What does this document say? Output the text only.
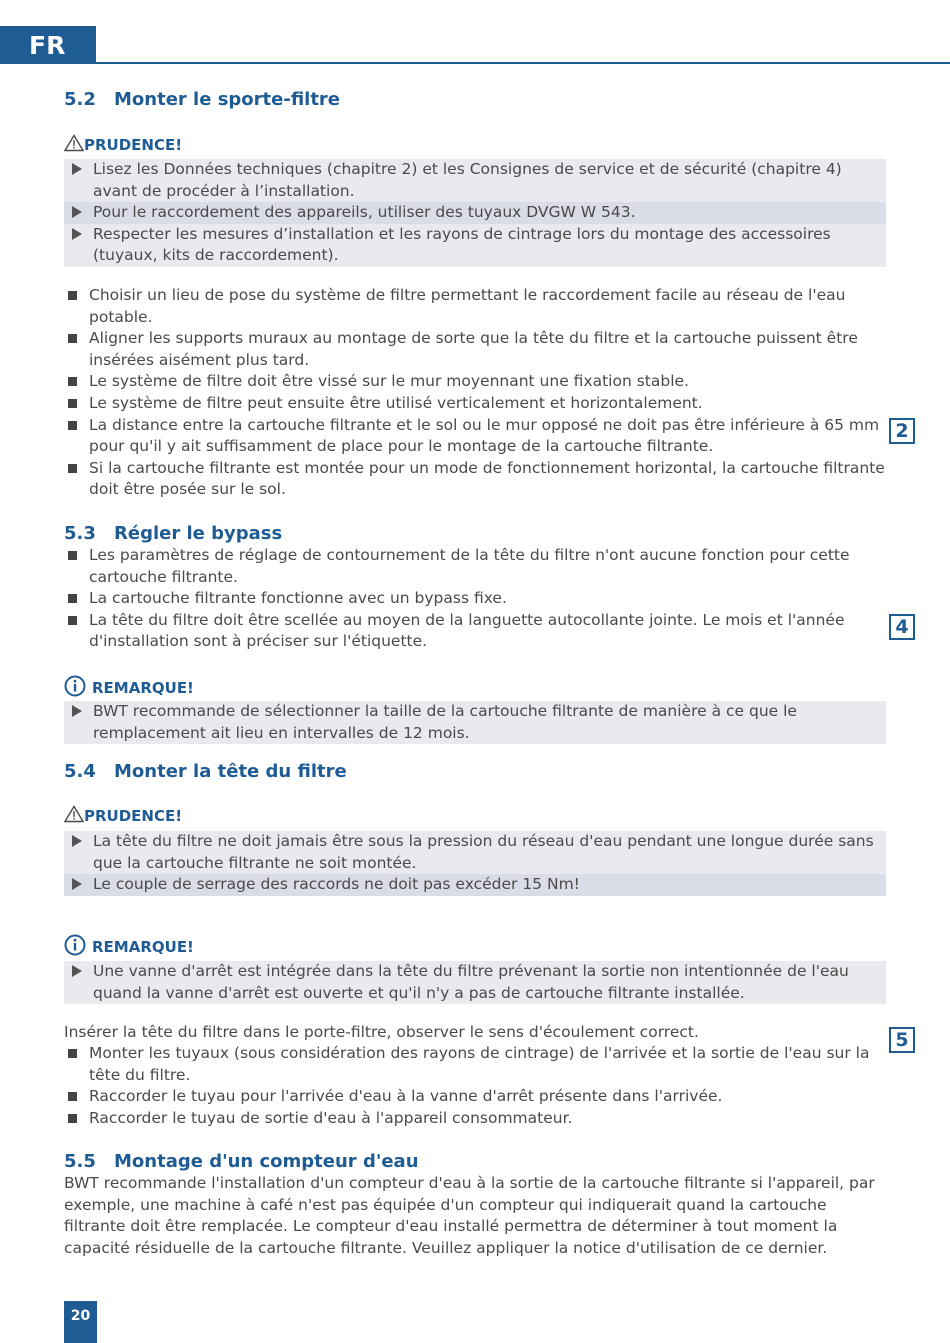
FR
5.2 Monter le sporte-filtre
PRUDENCE!
Lisez les Données techniques (chapitre 2) et les Consignes de service et de sécurité (chapitre 4) avant de procéder à l’installation.
Pour le raccordement des appareils, utiliser des tuyaux DVGW W 543.
Respecter les mesures d’installation et les rayons de cintrage lors du montage des accessoires (tuyaux, kits de raccordement).
Choisir un lieu de pose du système de filtre permettant le raccordement facile au réseau de l'eau potable.
Aligner les supports muraux au montage de sorte que la tête du filtre et la cartouche puissent être insérées aisément plus tard.
Le système de filtre doit être vissé sur le mur moyennant une fixation stable.
Le système de filtre peut ensuite être utilisé verticalement et horizontalement.
La distance entre la cartouche filtrante et le sol ou le mur opposé ne doit pas être inférieure à 65 mm pour qu'il y ait suffisamment de place pour le montage de la cartouche filtrante.
Si la cartouche filtrante est montée pour un mode de fonctionnement horizontal, la cartouche filtrante doit être posée sur le sol.
2
5.3 Régler le bypass
Les paramètres de réglage de contournement de la tête du filtre n'ont aucune fonction pour cette cartouche filtrante.
La cartouche filtrante fonctionne avec un bypass fixe.
La tête du filtre doit être scellée au moyen de la languette autocollante jointe. Le mois et l'année d'installation sont à préciser sur l'étiquette.
4
REMARQUE!
BWT recommande de sélectionner la taille de la cartouche filtrante de manière à ce que le remplacement ait lieu en intervalles de 12 mois.
5.4 Monter la tête du filtre
PRUDENCE!
La tête du filtre ne doit jamais être sous la pression du réseau d'eau pendant une longue durée sans que la cartouche filtrante ne soit montée.
Le couple de serrage des raccords ne doit pas excéder 15 Nm!
REMARQUE!
Une vanne d'arrêt est intégrée dans la tête du filtre prévenant la sortie non intentionnée de l'eau quand la vanne d'arrêt est ouverte et qu'il n'y a pas de cartouche filtrante installée.
Insérer la tête du filtre dans le porte-filtre, observer le sens d'écoulement correct.
Monter les tuyaux (sous considération des rayons de cintrage) de l'arrivée et la sortie de l'eau sur la tête du filtre.
Raccorder le tuyau pour l'arrivée d'eau à la vanne d'arrêt présente dans l'arrivée.
Raccorder le tuyau de sortie d'eau à l'appareil consommateur.
5
5.5 Montage d'un compteur d'eau
BWT recommande l'installation d'un compteur d'eau à la sortie de la cartouche filtrante si l'appareil, par exemple, une machine à café n'est pas équipée d'un compteur qui indiquerait quand la cartouche filtrante doit être remplacée. Le compteur d'eau installé permettra de déterminer à tout moment la capacité résiduelle de la cartouche filtrante. Veuillez appliquer la notice d'utilisation de ce dernier.
20
